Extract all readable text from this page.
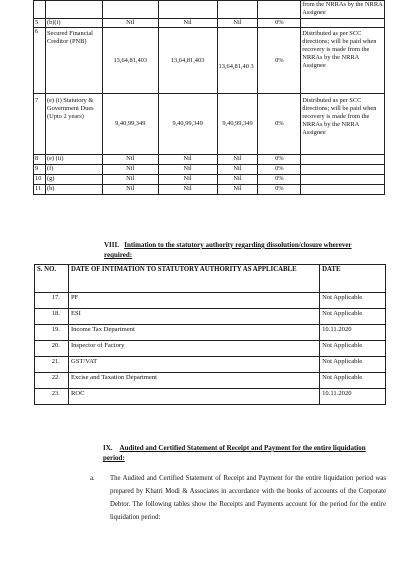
						from the NRRAs by the NRRA Assignee
5	(b)(i)	Nil	Nil	Nil	0%	
6	Secured Financial Creditor (PNB)	13,64,81,403	13,64,81,403	13,64,81,40 3	0%	Distributed as per SCC directions; will be paid when recovery is made from the NRRAs by the NRRA Assignee
7	(e) (i) Statutory & Government Dues (Upto 2 years)	9,40,99,349	9,40,99,349	9,40,99,349	0%	Distributed as per SCC directions; will be paid when recovery is made from the NRRAs by the NRRA Assignee
8	(e) (ii)	Nil	Nil	Nil	0%	
9	(f)	Nil	Nil	Nil	0%	
10	(g)	Nil	Nil	Nil	0%	
11	(h)	Nil	Nil	Nil	0%	
VIII. Intimation to the statutory authority regarding dissolution/closure wherever required:
S. NO.	DATE OF INTIMATION TO STATUTORY AUTHORITY AS APPLICABLE	DATE
17.	PF	Not Applicable
18.	ESI	Not Applicable
19.	Income Tax Department	10.11.2020
20.	Inspector of Factory	Not Applicable
21.	GST/VAT	Not Applicable
22.	Excise and Taxation Department	Not Applicable
23.	ROC	10.11.2020
IX. Audited and Certified Statement of Receipt and Payment for the entire liquidation period:
a. The Audited and Certified Statement of Receipt and Payment for the entire liquidation period was prepared by Khatri Modi & Associates in accordance with the books of accounts of the Corporate Debtor. The following tables show the Receipts and Payments account for the period for the entire liquidation period:
